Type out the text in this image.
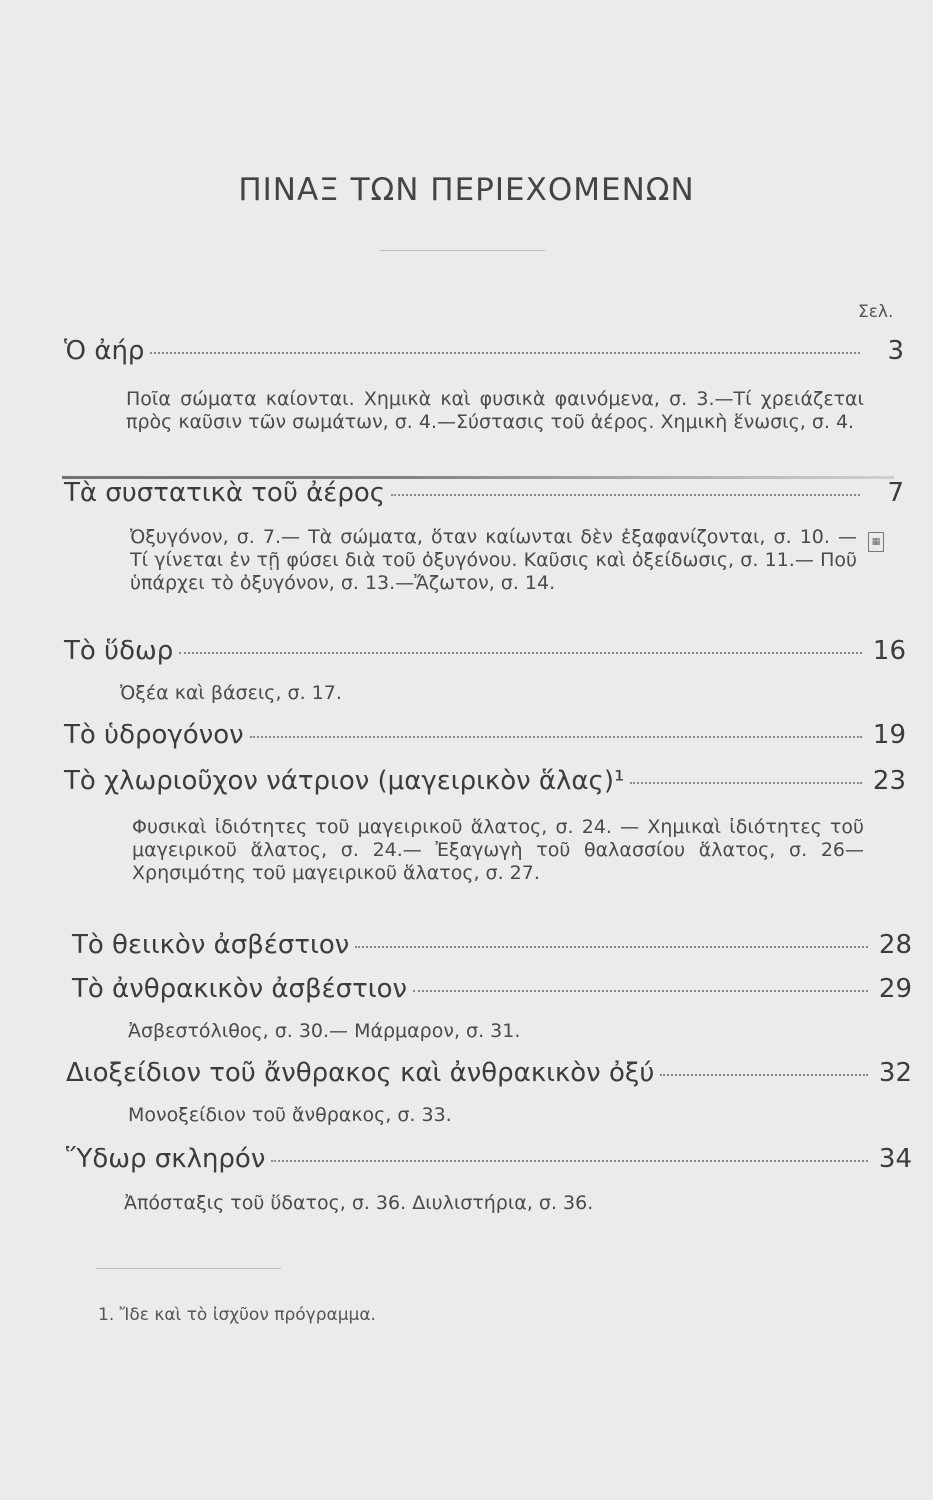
ΠΙΝΑΞ ΤΩΝ ΠΕΡΙΕΧΟΜΕΝΩΝ
Σελ.
Ὁ ἀήρ	3
Ποῖα σώματα καίονται. Χημικὰ καὶ φυσικὰ φαινόμενα, σ. 3.—Τί χρειάζεται πρὸς καῦσιν τῶν σωμάτων, σ. 4.—Σύστασις τοῦ ἀέρος. Χημικὴ ἕνωσις, σ. 4.
Τὰ συστατικὰ τοῦ ἀέρος	7
Ὀξυγόνον, σ. 7.— Τὰ σώματα, ὅταν καίωνται δὲν ἐξαφανίζονται, σ. 10. — Τί γίνεται ἐν τῇ φύσει διὰ τοῦ ὀξυγόνου. Καῦσις καὶ ὀξείδωσις, σ. 11.— Ποῦ ὑπάρχει τὸ ὀξυγόνον, σ. 13.—Ἄζωτον, σ. 14.
▦
Τὸ ὕδωρ	16
Ὀξέα καὶ βάσεις, σ. 17.
Τὸ ὑδρογόνον	19
Τὸ χλωριοῦχον νάτριον (μαγειρικὸν ἅλας)¹	23
Φυσικαὶ ἰδιότητες τοῦ μαγειρικοῦ ἅλατος, σ. 24. — Χημικαὶ ἰδιότητες τοῦ μαγειρικοῦ ἅλατος, σ. 24.— Ἐξαγωγὴ τοῦ θαλασσίου ἅλατος, σ. 26— Χρησιμότης τοῦ μαγειρικοῦ ἅλατος, σ. 27.
Τὸ θειικὸν ἀσβέστιον	28
Τὸ ἀνθρακικὸν ἀσβέστιον	29
Ἀσβεστόλιθος, σ. 30.— Μάρμαρον, σ. 31.
Διοξείδιον τοῦ ἄνθρακος καὶ ἀνθρακικὸν ὀξύ	32
Μονοξείδιον τοῦ ἄνθρακος, σ. 33.
Ὕδωρ σκληρόν	34
Ἀπόσταξις τοῦ ὕδατος, σ. 36. Διυλιστήρια, σ. 36.
1. Ἴδε καὶ τὸ ἰσχῦον πρόγραμμα.
